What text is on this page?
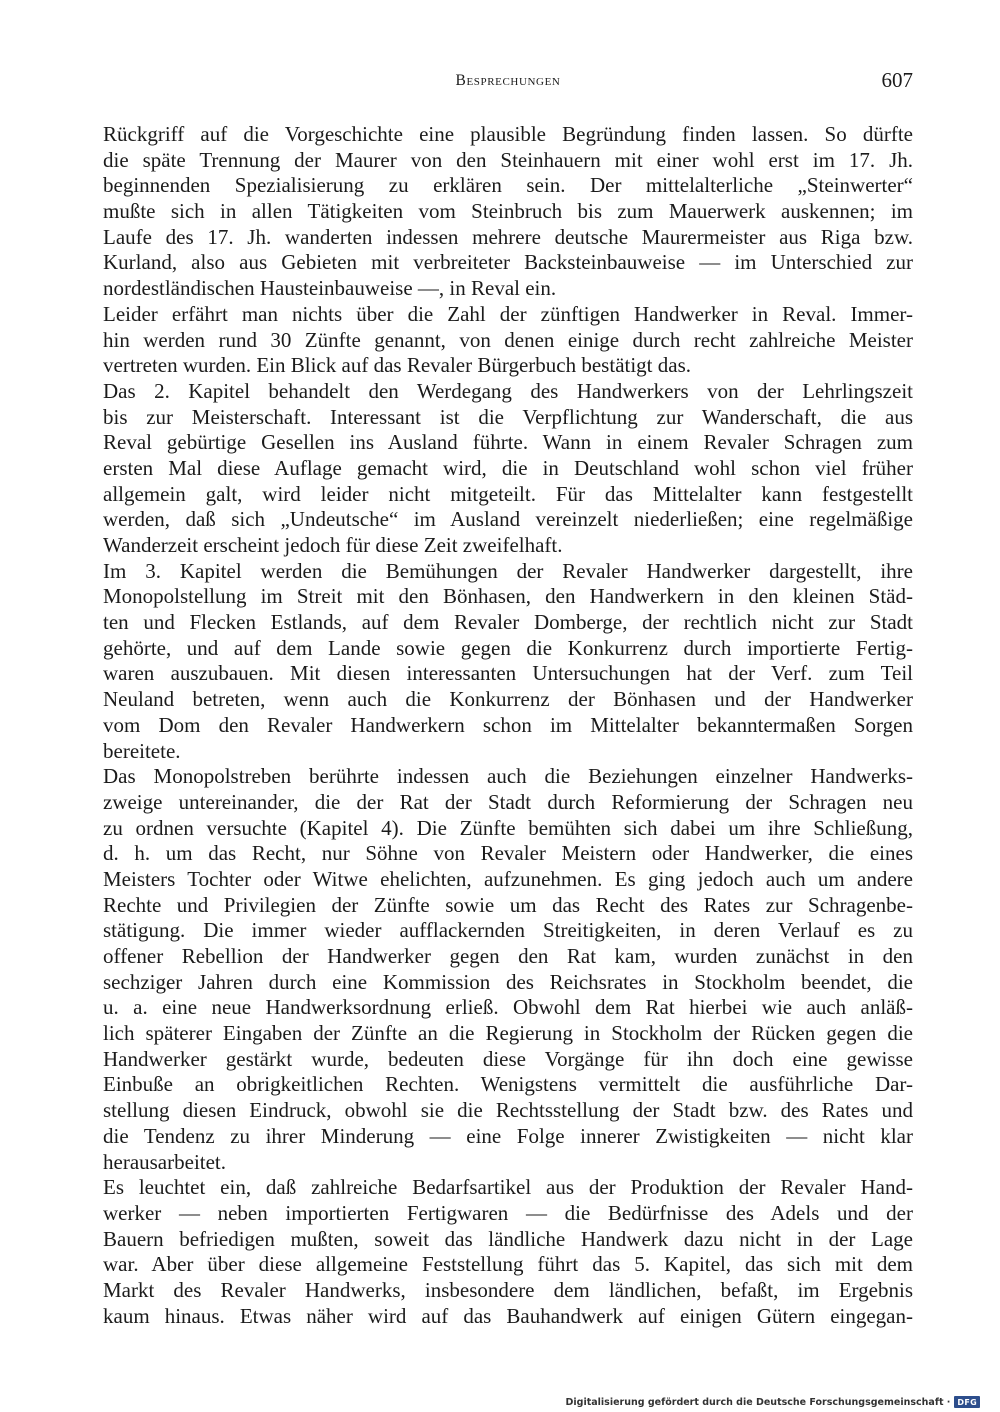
Besprechungen	607
Rückgriff auf die Vorgeschichte eine plausible Begründung finden lassen. So dürfte
die späte Trennung der Maurer von den Steinhauern mit einer wohl erst im 17. Jh.
beginnenden Spezialisierung zu erklären sein. Der mittelalterliche „Steinwerter“
mußte sich in allen Tätigkeiten vom Steinbruch bis zum Mauerwerk auskennen; im
Laufe des 17. Jh. wanderten indessen mehrere deutsche Maurermeister aus Riga bzw.
Kurland, also aus Gebieten mit verbreiteter Backsteinbauweise — im Unterschied zur
nordestländischen Hausteinbauweise —, in Reval ein.
Leider erfährt man nichts über die Zahl der zünftigen Handwerker in Reval. Immer-
hin werden rund 30 Zünfte genannt, von denen einige durch recht zahlreiche Meister
vertreten wurden. Ein Blick auf das Revaler Bürgerbuch bestätigt das.
Das 2. Kapitel behandelt den Werdegang des Handwerkers von der Lehrlingszeit
bis zur Meisterschaft. Interessant ist die Verpflichtung zur Wanderschaft, die aus
Reval gebürtige Gesellen ins Ausland führte. Wann in einem Revaler Schragen zum
ersten Mal diese Auflage gemacht wird, die in Deutschland wohl schon viel früher
allgemein galt, wird leider nicht mitgeteilt. Für das Mittelalter kann festgestellt
werden, daß sich „Undeutsche“ im Ausland vereinzelt niederließen; eine regelmäßige
Wanderzeit erscheint jedoch für diese Zeit zweifelhaft.
Im 3. Kapitel werden die Bemühungen der Revaler Handwerker dargestellt, ihre
Monopolstellung im Streit mit den Bönhasen, den Handwerkern in den kleinen Städ-
ten und Flecken Estlands, auf dem Revaler Domberge, der rechtlich nicht zur Stadt
gehörte, und auf dem Lande sowie gegen die Konkurrenz durch importierte Fertig-
waren auszubauen. Mit diesen interessanten Untersuchungen hat der Verf. zum Teil
Neuland betreten, wenn auch die Konkurrenz der Bönhasen und der Handwerker
vom Dom den Revaler Handwerkern schon im Mittelalter bekanntermaßen Sorgen
bereitete.
Das Monopolstreben berührte indessen auch die Beziehungen einzelner Handwerks-
zweige untereinander, die der Rat der Stadt durch Reformierung der Schragen neu
zu ordnen versuchte (Kapitel 4). Die Zünfte bemühten sich dabei um ihre Schließung,
d. h. um das Recht, nur Söhne von Revaler Meistern oder Handwerker, die eines
Meisters Tochter oder Witwe ehelichten, aufzunehmen. Es ging jedoch auch um andere
Rechte und Privilegien der Zünfte sowie um das Recht des Rates zur Schragenbe-
stätigung. Die immer wieder aufflackernden Streitigkeiten, in deren Verlauf es zu
offener Rebellion der Handwerker gegen den Rat kam, wurden zunächst in den
sechziger Jahren durch eine Kommission des Reichsrates in Stockholm beendet, die
u. a. eine neue Handwerksordnung erließ. Obwohl dem Rat hierbei wie auch anläß-
lich späterer Eingaben der Zünfte an die Regierung in Stockholm der Rücken gegen die
Handwerker gestärkt wurde, bedeuten diese Vorgänge für ihn doch eine gewisse
Einbuße an obrigkeitlichen Rechten. Wenigstens vermittelt die ausführliche Dar-
stellung diesen Eindruck, obwohl sie die Rechtsstellung der Stadt bzw. des Rates und
die Tendenz zu ihrer Minderung — eine Folge innerer Zwistigkeiten — nicht klar
herausarbeitet.
Es leuchtet ein, daß zahlreiche Bedarfsartikel aus der Produktion der Revaler Hand-
werker — neben importierten Fertigwaren — die Bedürfnisse des Adels und der
Bauern befriedigen mußten, soweit das ländliche Handwerk dazu nicht in der Lage
war. Aber über diese allgemeine Feststellung führt das 5. Kapitel, das sich mit dem
Markt des Revaler Handwerks, insbesondere dem ländlichen, befaßt, im Ergebnis
kaum hinaus. Etwas näher wird auf das Bauhandwerk auf einigen Gütern eingegan-
Digitalisierung gefördert durch die Deutsche Forschungsgemeinschaft · DFG
